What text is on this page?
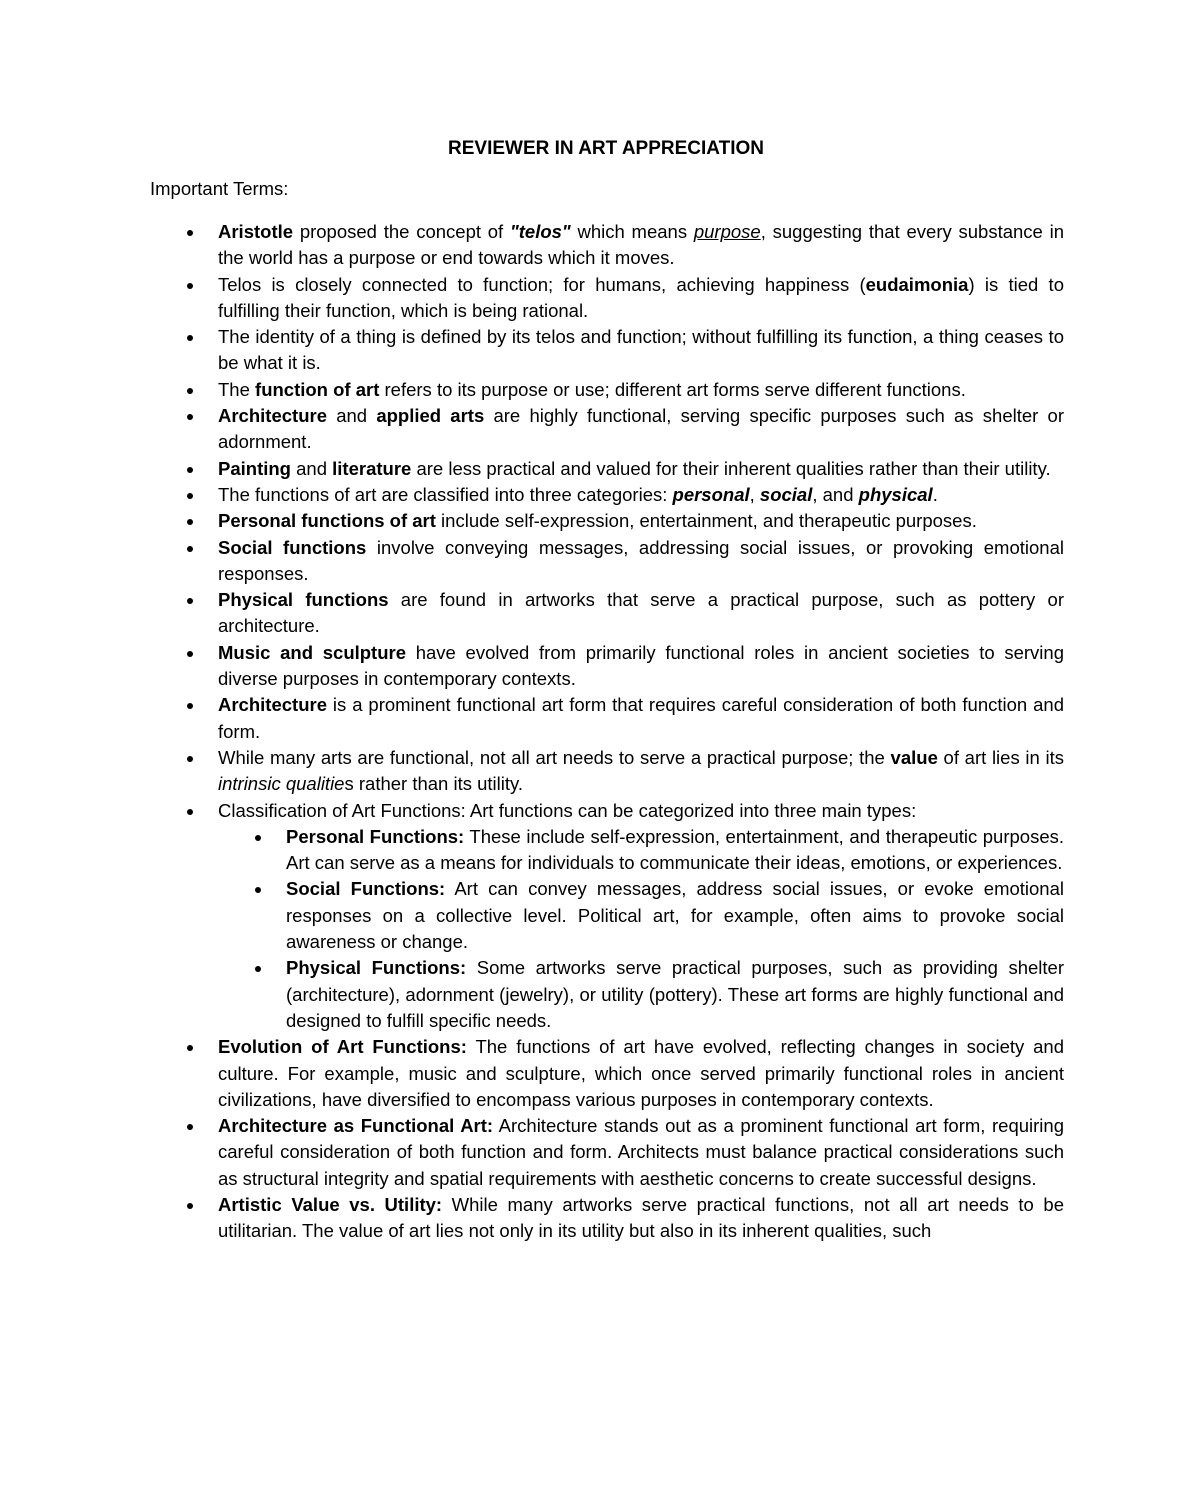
REVIEWER IN ART APPRECIATION

Important Terms:

Aristotle proposed the concept of "telos" which means purpose, suggesting that every substance in the world has a purpose or end towards which it moves.
Telos is closely connected to function; for humans, achieving happiness (eudaimonia) is tied to fulfilling their function, which is being rational.
The identity of a thing is defined by its telos and function; without fulfilling its function, a thing ceases to be what it is.
The function of art refers to its purpose or use; different art forms serve different functions.
Architecture and applied arts are highly functional, serving specific purposes such as shelter or adornment.
Painting and literature are less practical and valued for their inherent qualities rather than their utility.
The functions of art are classified into three categories: personal, social, and physical.
Personal functions of art include self-expression, entertainment, and therapeutic purposes.
Social functions involve conveying messages, addressing social issues, or provoking emotional responses.
Physical functions are found in artworks that serve a practical purpose, such as pottery or architecture.
Music and sculpture have evolved from primarily functional roles in ancient societies to serving diverse purposes in contemporary contexts.
Architecture is a prominent functional art form that requires careful consideration of both function and form.
While many arts are functional, not all art needs to serve a practical purpose; the value of art lies in its intrinsic qualities rather than its utility.
Classification of Art Functions: Art functions can be categorized into three main types:
Personal Functions: These include self-expression, entertainment, and therapeutic purposes. Art can serve as a means for individuals to communicate their ideas, emotions, or experiences.
Social Functions: Art can convey messages, address social issues, or evoke emotional responses on a collective level. Political art, for example, often aims to provoke social awareness or change.
Physical Functions: Some artworks serve practical purposes, such as providing shelter (architecture), adornment (jewelry), or utility (pottery). These art forms are highly functional and designed to fulfill specific needs.
Evolution of Art Functions: The functions of art have evolved, reflecting changes in society and culture. For example, music and sculpture, which once served primarily functional roles in ancient civilizations, have diversified to encompass various purposes in contemporary contexts.
Architecture as Functional Art: Architecture stands out as a prominent functional art form, requiring careful consideration of both function and form. Architects must balance practical considerations such as structural integrity and spatial requirements with aesthetic concerns to create successful designs.
Artistic Value vs. Utility: While many artworks serve practical functions, not all art needs to be utilitarian. The value of art lies not only in its utility but also in its inherent qualities, such
